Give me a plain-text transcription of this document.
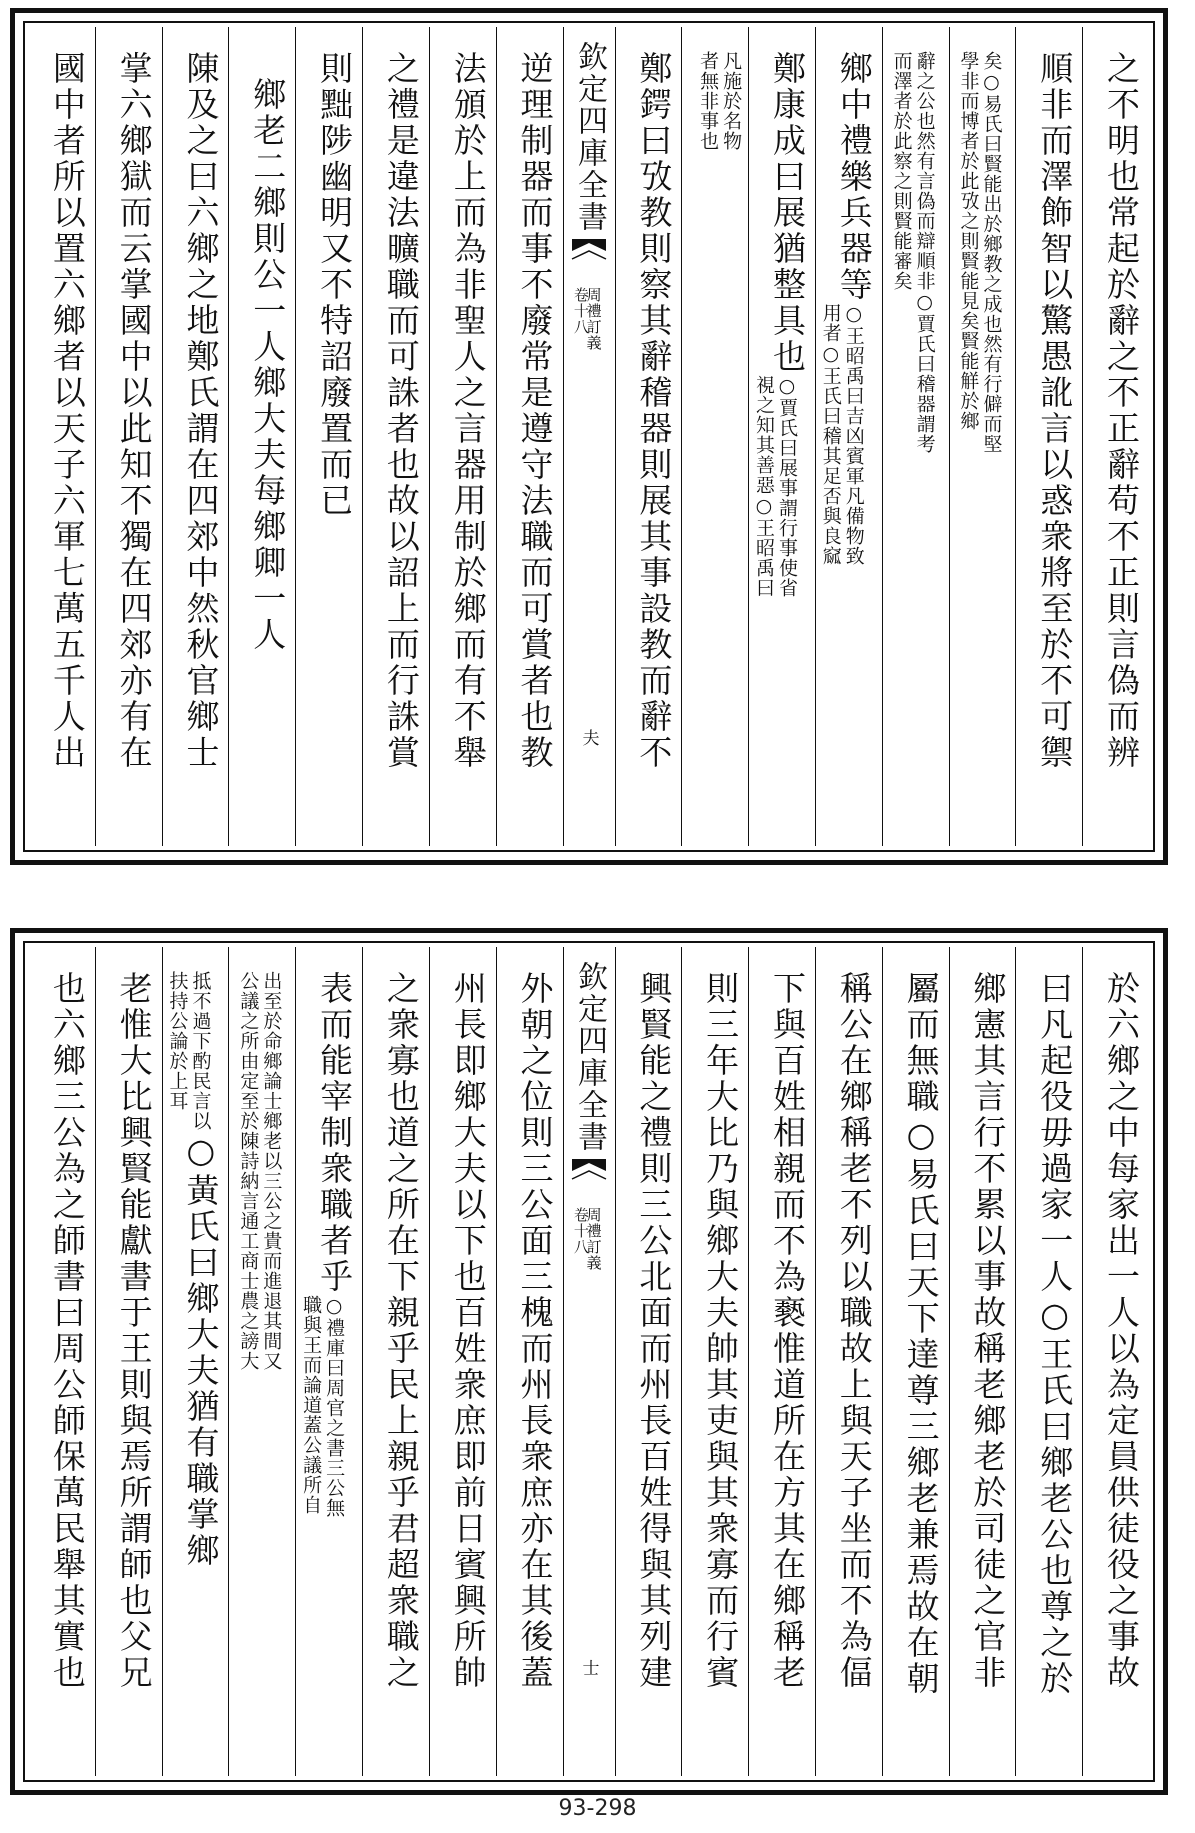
之不明也常起於辭之不正辭苟不正則言偽而辨
順非而澤飾智以驚愚訛言以惑衆將至於不可禦
矣○易氏曰賢能出於鄉教之成也然有行僻而堅
學非而博者於此攷之則賢能見矣賢能觧於鄉
辭之公也然有言偽而辯順非○賈氏曰稽器謂考
而澤者於此察之則賢能審矣
鄉中禮樂兵器等
○王昭禹曰吉凶賓軍凡備物致
用者○王氏曰稽其足否與良窳
鄭康成曰展猶整具也
○賈氏曰展事謂行事使省
視之知其善惡○王昭禹曰
凡施於名物
者無非事也
鄭鍔曰攷教則察其辭稽器則展其事設教而辭不
欽定四庫全書
周禮訂義
卷十八
夫
逆理制器而事不廢常是遵守法職而可賞者也教
法頒於上而為非聖人之言器用制於鄉而有不舉
之禮是違法曠職而可誅者也故以詔上而行誅賞
則黜陟幽明又不特詔廢置而已
鄉老二鄉則公一人鄉大夫每鄉卿一人
陳及之曰六鄉之地鄭氏謂在四郊中然秋官鄉士
掌六鄉獄而云掌國中以此知不獨在四郊亦有在
國中者所以置六鄉者以天子六軍七萬五千人出
於六鄉之中每家出一人以為定員供徒役之事故
曰凡起役毋過家一人○王氏曰鄉老公也尊之於
鄉憲其言行不累以事故稱老鄉老於司徒之官非
屬而無職○易氏曰天下達尊三鄉老兼焉故在朝
稱公在鄉稱老不列以職故上與天子坐而不為偪
下與百姓相親而不為褻惟道所在方其在鄉稱老
則三年大比乃與鄉大夫帥其吏與其衆寡而行賓
興賢能之禮則三公北面而州長百姓得與其列建
欽定四庫全書
周禮訂義
卷十八
士
外朝之位則三公面三槐而州長衆庶亦在其後蓋
州長即鄉大夫以下也百姓衆庶即前日賓興所帥
之衆寡也道之所在下親乎民上親乎君超衆職之
表而能宰制衆職者乎
○禮庫曰周官之書三公無
職與王而論道蓋公議所自
出至於命鄉論士鄉老以三公之貴而進退其間又
公議之所由定至於陳詩納言通工商士農之謗大
抵不過下酌民言以
扶持公論於上耳
○黃氏曰鄉大夫猶有職掌鄉
老惟大比興賢能獻書于王則與焉所謂師也父兄
也六鄉三公為之師書曰周公師保萬民舉其實也
93-298
